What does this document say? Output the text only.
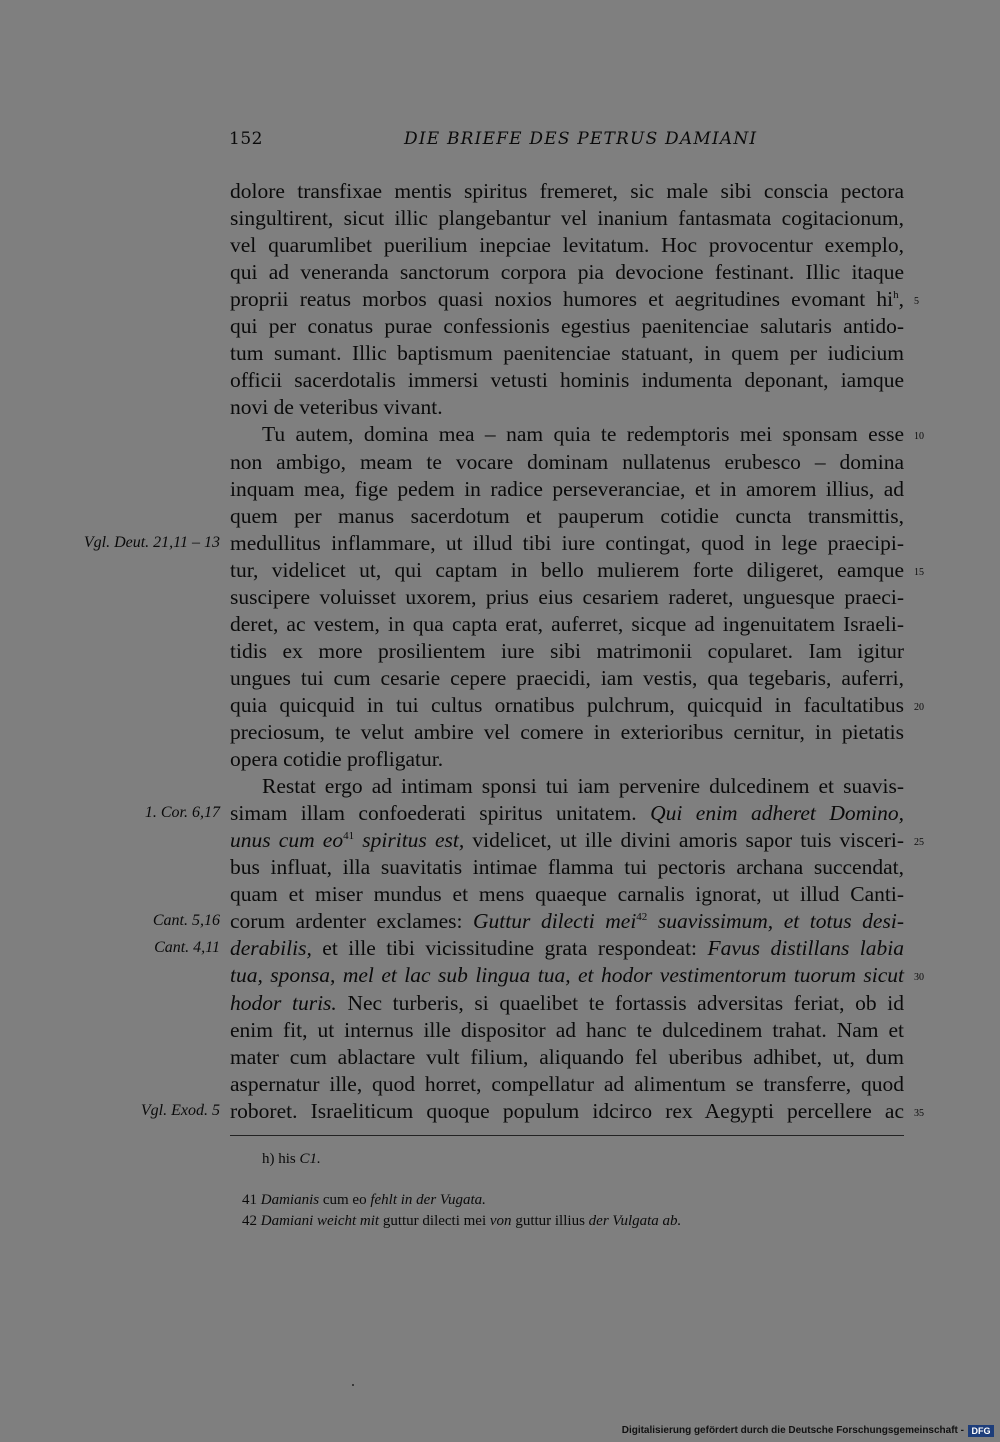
152	DIE BRIEFE DES PETRUS DAMIANI
dolore transfixae mentis spiritus fremeret, sic male sibi conscia pectora
singultirent, sicut illic plangebantur vel inanium fantasmata cogitacionum,
vel quarumlibet puerilium inepciae levitatum. Hoc provocentur exemplo,
qui ad veneranda sanctorum corpora pia devocione festinant. Illic itaque
proprii reatus morbos quasi noxios humores et aegritudines evomant $hi^h$, 5
qui per conatus purae confessionis egestius paenitenciae salutaris antido-
tum sumant. Illic baptismum paenitenciae statuant, in quem per iudicium
officii sacerdotalis immersi vetusti hominis indumenta deponant, iamque
novi de veteribus vivant.
Tu autem, domina mea – nam quia te redemptoris mei sponsam esse 10
non ambigo, meam te vocare dominam nullatenus erubesco – domina
inquam mea, fige pedem in radice perseveranciae, et in amorem illius, ad
quem per manus sacerdotum et pauperum cotidie cuncta transmittis,
medullitus inflammare, ut illud tibi iure contingat, quod in lege praecipi-
Vgl. Deut. 21,11 – 13
tur, videlicet ut, qui captam in bello mulierem forte diligeret, eamque 15
suscipere voluisset uxorem, prius eius cesariem raderet, unguesque praeci-
deret, ac vestem, in qua capta erat, auferret, sicque ad ingenuitatem Israeli-
tidis ex more prosilientem iure sibi matrimonii copularet. Iam igitur
ungues tui cum cesarie cepere praecidi, iam vestis, qua tegebaris, auferri,
quia quicquid in tui cultus ornatibus pulchrum, quicquid in facultatibus 20
preciosum, te velut ambire vel comere in exterioribus cernitur, in pietatis
opera cotidie profligatur.
Restat ergo ad intimam sponsi tui iam pervenire dulcedinem et suavis-
simam illam confoederati spiritus unitatem. Qui enim adheret Domino,
1. Cor. 6,17
unus cum $eo^{41}$ spiritus est, videlicet, ut ille divini amoris sapor tuis visceri- 25
bus influat, illa suavitatis intimae flamma tui pectoris archana succendat,
quam et miser mundus et mens quaeque carnalis ignorat, ut illud Canti-
corum ardenter exclames: Guttur dilecti mei$^{42}$ suavissimum, et totus desi-
Cant. 5,16
derabilis, et ille tibi vicissitudine grata respondeat: Favus distillans labia
Cant. 4,11
tua, sponsa, mel et lac sub lingua tua, et hodor vestimentorum tuorum sicut 30
hodor turis. Nec turberis, si quaelibet te fortassis adversitas feriat, ob id
enim fit, ut internus ille dispositor ad hanc te dulcedinem trahat. Nam et
mater cum ablactare vult filium, aliquando fel uberibus adhibet, ut, dum
aspernatur ille, quod horret, compellatur ad alimentum se transferre, quod
roboret. Israeliticum quoque populum idcirco rex Aegypti percellere ac
Vgl. Exod. 5	35
h) his C1.
41 Damianis cum eo fehlt in der Vugata.
42 Damiani weicht mit guttur dilecti mei von guttur illius der Vulgata ab.
Digitalisierung gefördert durch die Deutsche Forschungsgemeinschaft - DFG
